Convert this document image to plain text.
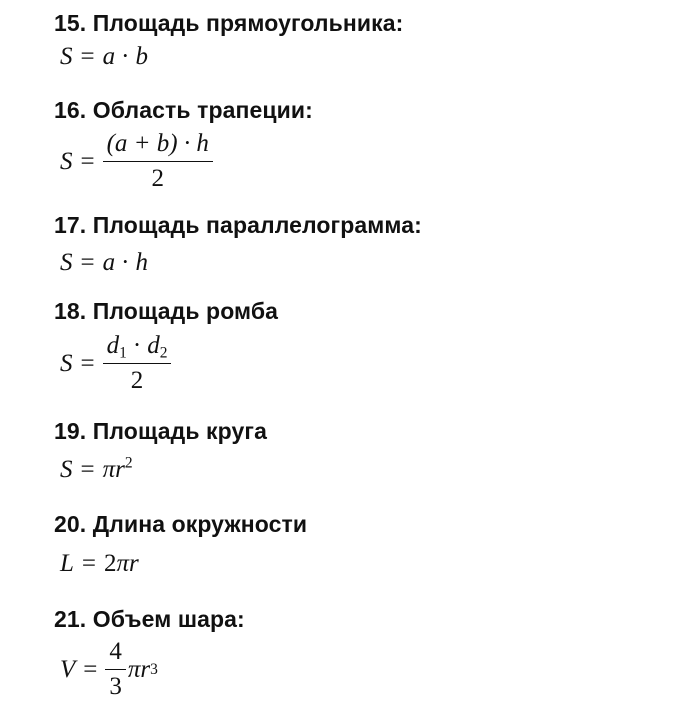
15. Площадь прямоугольника:
S = a · b
16. Область трапеции:
$S = \frac{(a + b) \cdot h}{2}$
17. Площадь параллелограмма:
S = a · h
18. Площадь ромба
$S = \frac{d_1 \cdot d_2}{2}$
19. Площадь круга
$S = \pi r^2$
20. Длина окружности
L = 2πr
21. Объем шара:
$V = \frac{4}{3}$ π r 3
